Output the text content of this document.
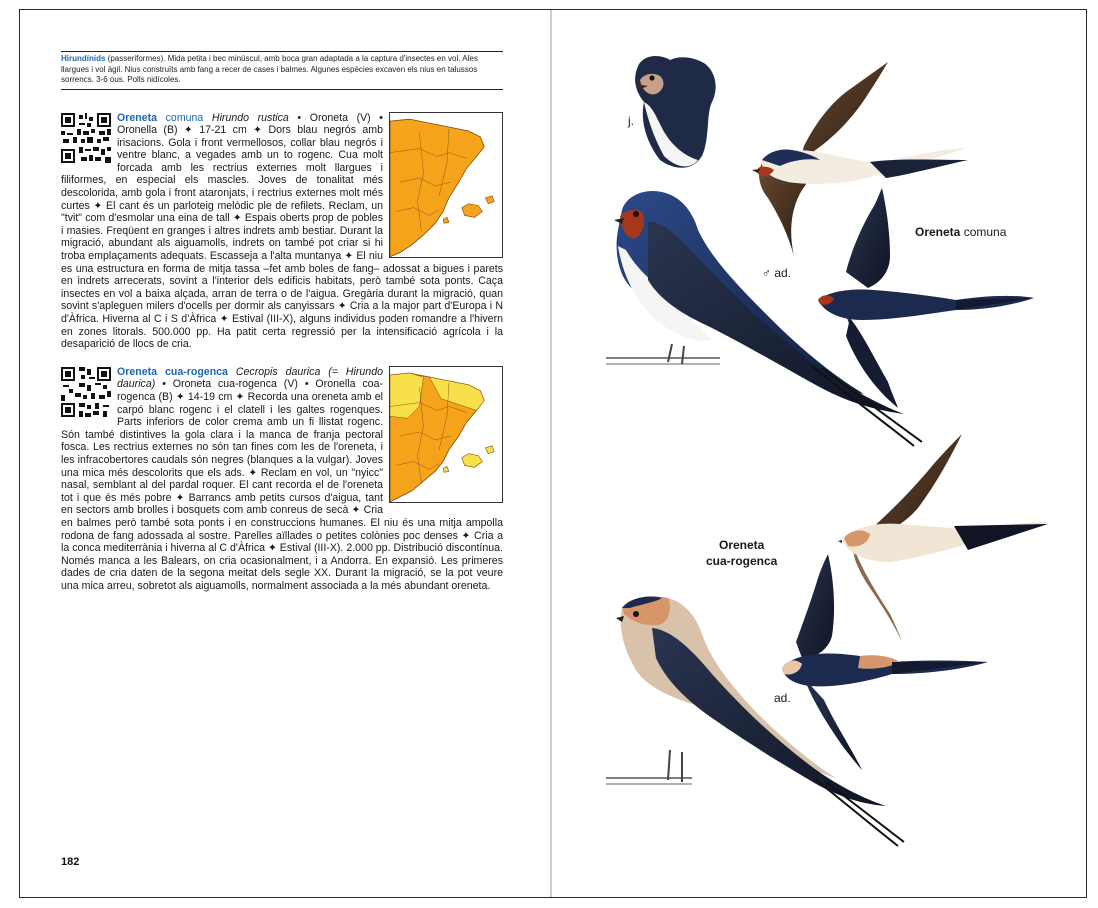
Hirundínids (passeriformes). Mida petita i bec minúscul, amb boca gran adaptada a la captura d'insectes en vol. Ales llargues i vol àgil. Nius construïts amb fang a recer de cases i balmes. Algunes espècies excaven els nius en talussos sorrencs. 3-6 ous. Polls nidícoles.
Oreneta comuna Hirundo rustica • Oroneta (V) • Oronella (B) ✦ 17-21 cm ✦ Dors blau negrós amb irisacions. Gola i front vermellosos, collar blau negrós i ventre blanc, a vegades amb un to rogenc. Cua molt forcada amb les rectrius externes molt llargues i filiformes, en especial els mascles. Joves de tonalitat més descolorida, amb gola i front ataronjats, i rectrius externes molt més curtes ✦ El cant és un parloteig melòdic ple de refilets. Reclam, un "tvit" com d'esmolar una eina de tall ✦ Espais oberts prop de pobles i masies. Freqüent en granges i altres indrets amb bestiar. Durant la migració, abundant als aiguamolls, indrets on també pot criar si hi troba emplaçaments adequats. Escasseja a l'alta muntanya ✦ El niu es una estructura en forma de mitja tassa –fet amb boles de fang– adossat a bigues i parets en indrets arrecerats, sovint a l'interior dels edificis habitats, però també sota ponts. Caça insectes en vol a baixa alçada, arran de terra o de l'aigua. Gregària durant la migració, quan sovint s'apleguen milers d'ocells per dormir als canyissars ✦ Cria a la major part d'Europa i N d'Àfrica. Hiverna al C i S d'Àfrica ✦ Estival (III-X), alguns individus poden romandre a l'hivern en zones litorals. 500.000 pp. Ha patit certa regressió per la intensificació agrícola i la desaparició de llocs de cria.
Oreneta cua-rogenca Cecropis daurica (= Hirundo daurica) • Oroneta cua-rogenca (V) • Oronella coa-rogenca (B) ✦ 14-19 cm ✦ Recorda una oreneta amb el carpó blanc rogenc i el clatell i les galtes rogenques. Parts inferiors de color crema amb un fi llistat rogenc. Són també distintives la gola clara i la manca de franja pectoral fosca. Les rectrius externes no són tan fines com les de l'oreneta, i les infracobertores caudals són negres (blanques a la vulgar). Joves una mica més descolorits que els ads. ✦ Reclam en vol, un "nyicc" nasal, semblant al del pardal roquer. El cant recorda el de l'oreneta tot i que és més pobre ✦ Barrancs amb petits cursos d'aigua, tant en sectors amb brolles i bosquets com amb conreus de secà ✦ Cria en balmes però també sota ponts i en construccions humanes. El niu és una mitja ampolla rodona de fang adossada al sostre. Parelles aïllades o petites colònies poc denses ✦ Cria a la conca mediterrània i hiverna al C d'Àfrica ✦ Estival (III-X). 2.000 pp. Distribució discontínua. Només manca a les Balears, on cria ocasionalment, i a Andorra. En expansió. Les primeres dades de cria daten de la segona meitat dels segle XX. Durant la migració, se la pot veure una mica arreu, sobretot als aiguamolls, normalment associada a la més abundant oreneta.
182
j.
♂ ad.
Oreneta comuna
Oreneta
cua-rogenca
ad.
